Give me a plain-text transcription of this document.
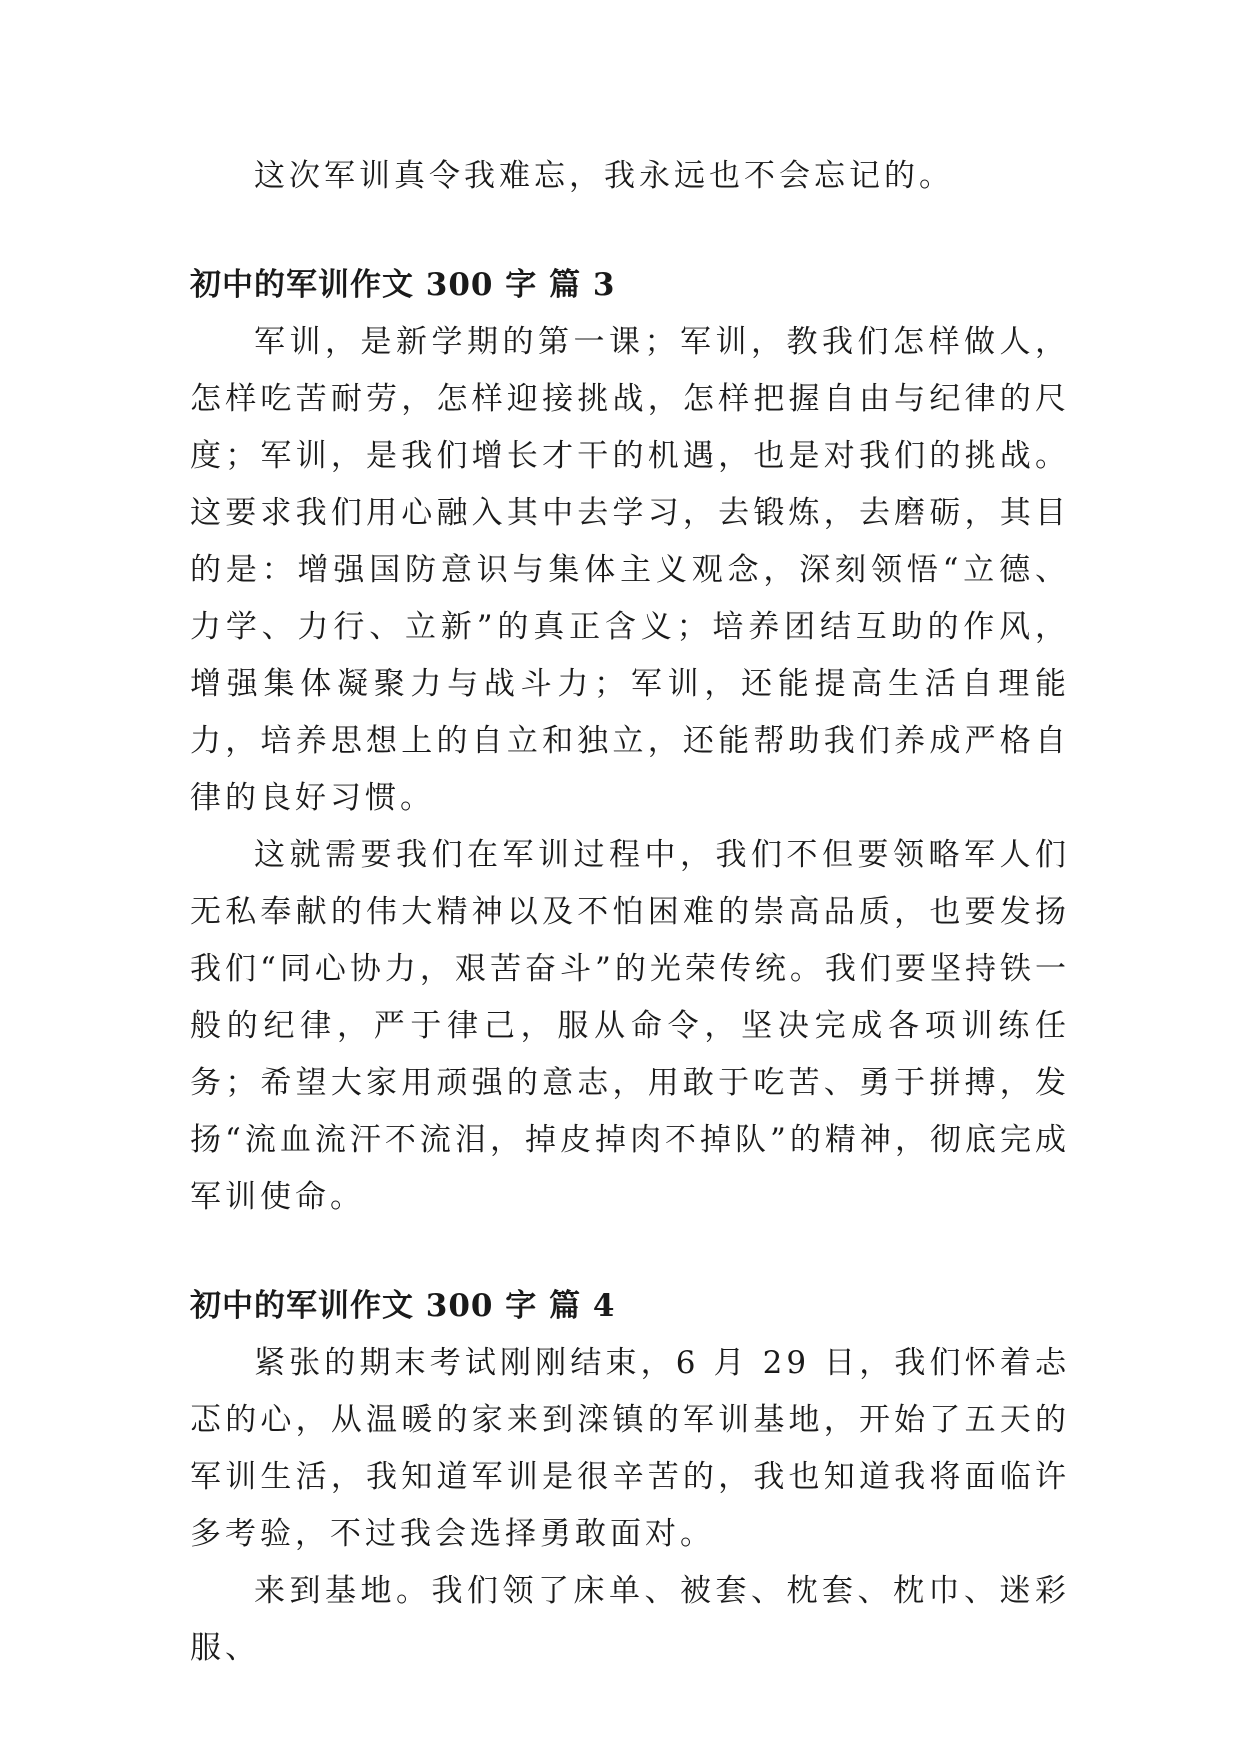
这次军训真令我难忘，我永远也不会忘记的。

初中的军训作文 300 字 篇 3

军训，是新学期的第一课；军训，教我们怎样做人，怎样吃苦耐劳，怎样迎接挑战，怎样把握自由与纪律的尺度；军训，是我们增长才干的机遇，也是对我们的挑战。这要求我们用心融入其中去学习，去锻炼，去磨砺，其目的是：增强国防意识与集体主义观念，深刻领悟“立德、力学、力行、立新”的真正含义；培养团结互助的作风，增强集体凝聚力与战斗力；军训，还能提高生活自理能力，培养思想上的自立和独立，还能帮助我们养成严格自律的良好习惯。

这就需要我们在军训过程中，我们不但要领略军人们无私奉献的伟大精神以及不怕困难的崇高品质，也要发扬我们“同心协力，艰苦奋斗”的光荣传统。我们要坚持铁一般的纪律，严于律己，服从命令，坚决完成各项训练任务；希望大家用顽强的意志，用敢于吃苦、勇于拼搏，发扬“流血流汗不流泪，掉皮掉肉不掉队”的精神，彻底完成军训使命。

初中的军训作文 300 字 篇 4

紧张的期末考试刚刚结束，6 月 29 日，我们怀着忐忑的心，从温暖的家来到滦镇的军训基地，开始了五天的军训生活，我知道军训是很辛苦的，我也知道我将面临许多考验，不过我会选择勇敢面对。

来到基地。我们领了床单、被套、枕套、枕巾、迷彩服、
